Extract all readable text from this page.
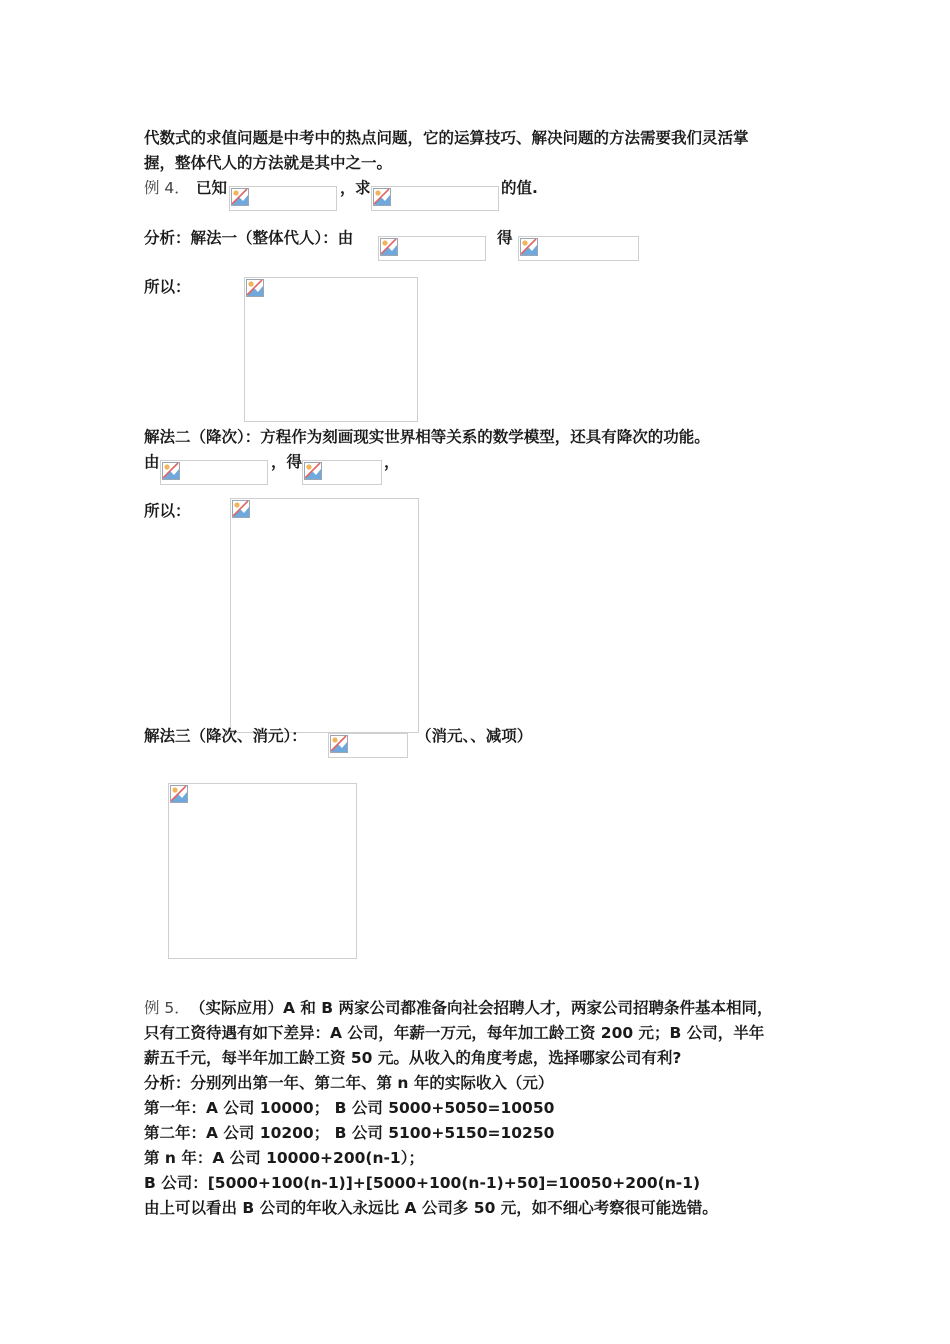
代数式的求值问题是中考中的热点问题，它的运算技巧、解决问题的方法需要我们灵活掌
握，整体代人的方法就是其中之一。
例 4． 已知	， 求	的值.
分析：解法一（整体代人）：由	得
所以：
解法二（降次）：方程作为刻画现实世界相等关系的数学模型，还具有降次的功能。
由	，得	，
所以：
解法三（降次、消元）：	（消元、、减项）
例 5． （实际应用）A 和 B 两家公司都准备向社会招聘人才，两家公司招聘条件基本相同，
只有工资待遇有如下差异：A 公司，年薪一万元，每年加工龄工资 200 元；B 公司，半年
薪五千元，每半年加工龄工资 50 元。从收入的角度考虑，选择哪家公司有利?
分析：分别列出第一年、第二年、第 n 年的实际收入（元）
第一年：A 公司 10000； B 公司 5000+5050=10050
第二年：A 公司 10200； B 公司 5100+5150=10250
第 n 年：A 公司 10000+200(n-1）；
B 公司：[5000+100(n-1)]+[5000+100(n-1)+50]=10050+200(n-1)
由上可以看出 B 公司的年收入永远比 A 公司多 50 元，如不细心考察很可能选错。
